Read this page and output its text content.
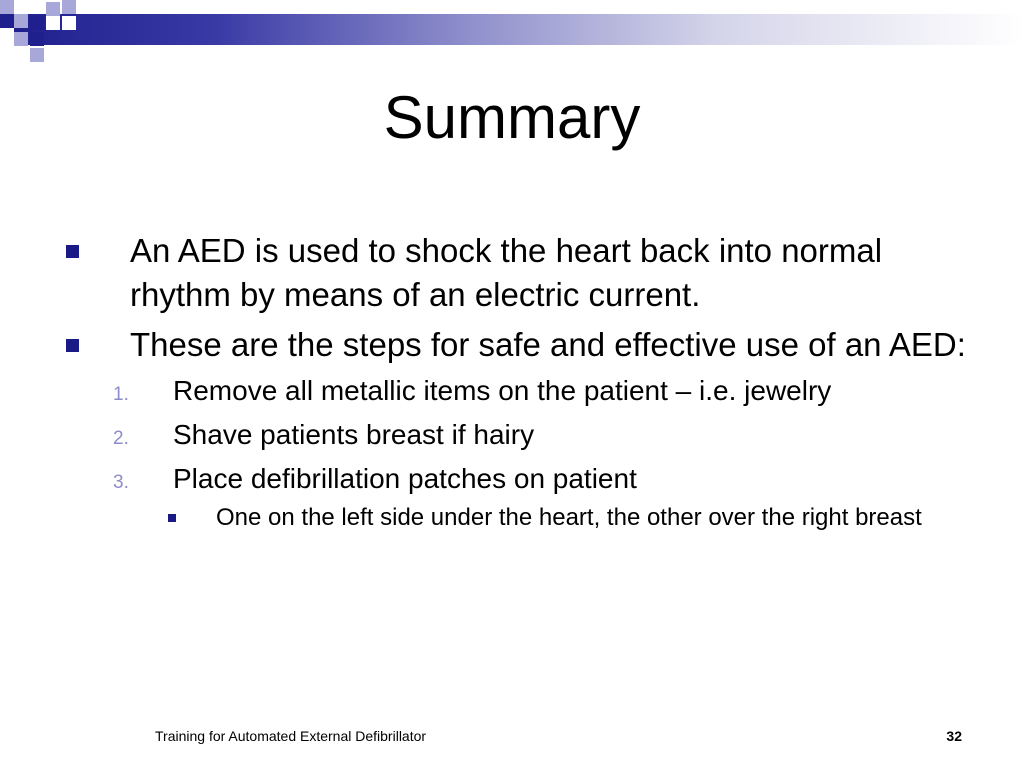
Summary
An AED is used to shock the heart back into normal rhythm by means of an electric current.
These are the steps for safe and effective use of an AED:
1. Remove all metallic items on the patient – i.e. jewelry
2. Shave patients breast if hairy
3. Place defibrillation patches on patient
One on the left side under the heart, the other over the right breast
Training for Automated External Defibrillator	32
